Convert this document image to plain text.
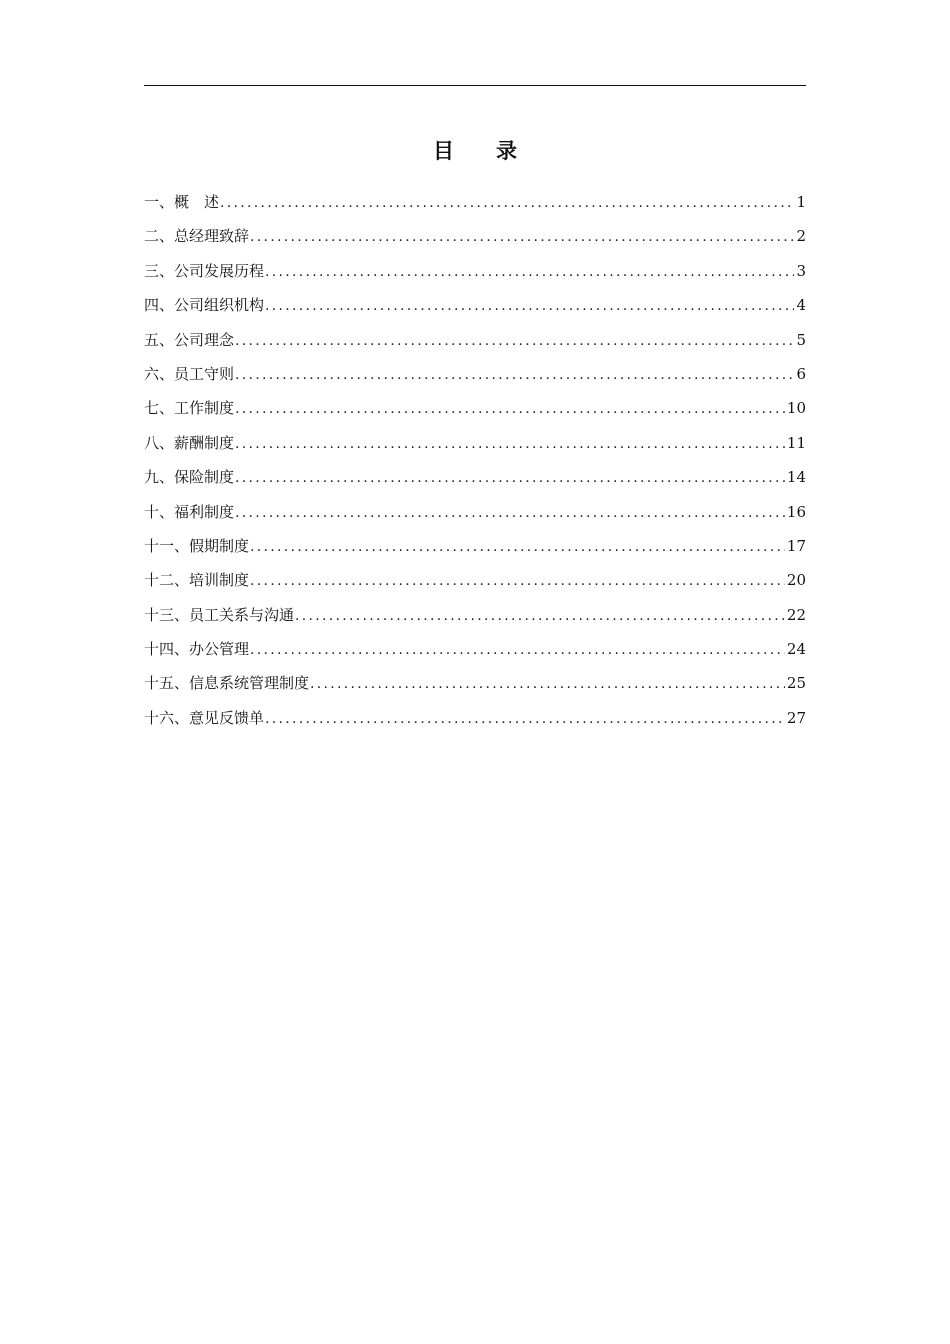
目　　录
一、概　述 .....	1
二、总经理致辞 .....	2
三、公司发展历程 .....	3
四、公司组织机构 .....	4
五、公司理念 .....	5
六、员工守则 .....	6
七、工作制度 .....	10
八、薪酬制度 .....	11
九、保险制度 .....	14
十、福利制度 .....	16
十一、假期制度 .....	17
十二、培训制度 .....	20
十三、员工关系与沟通 .....	22
十四、办公管理 .....	24
十五、信息系统管理制度 .....	25
十六、意见反馈单 .....	27
